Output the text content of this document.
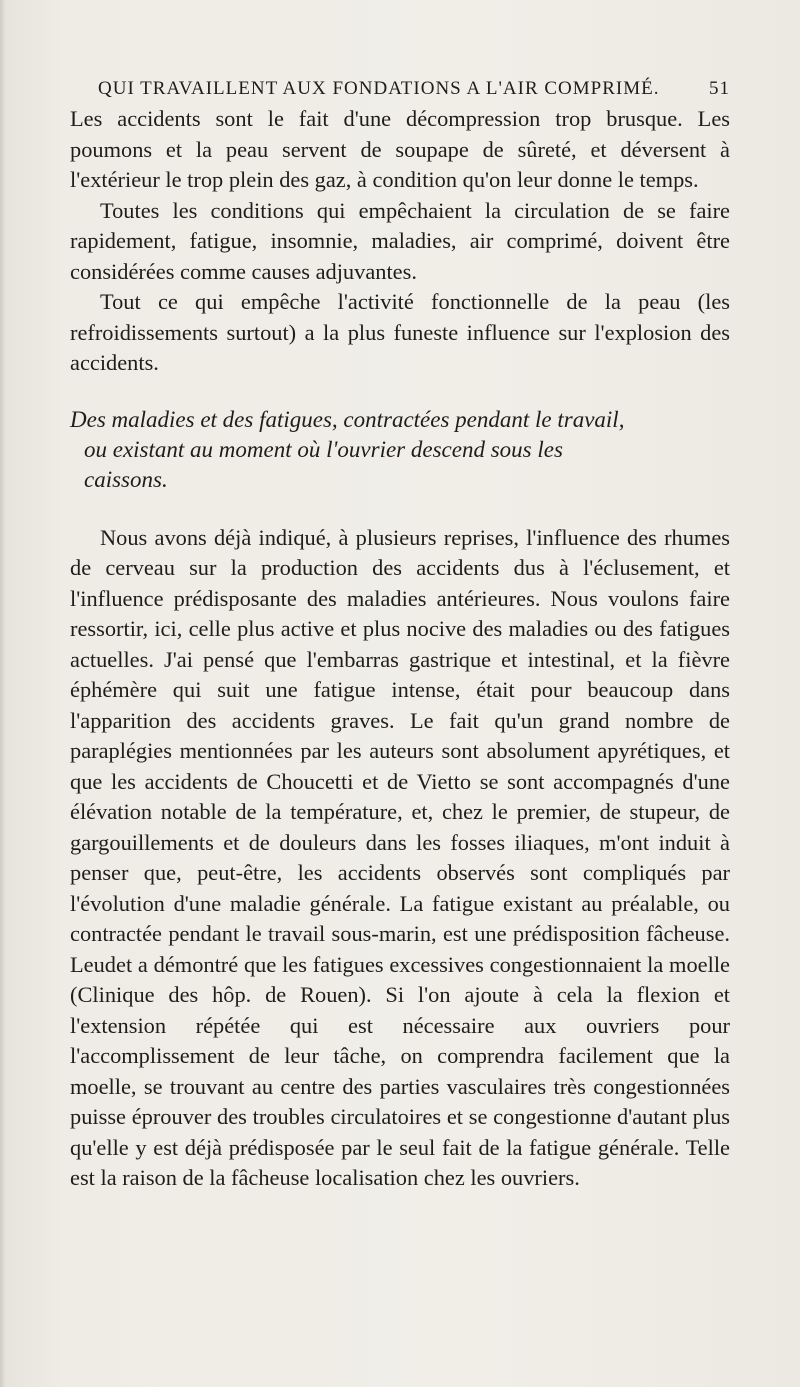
QUI TRAVAILLENT AUX FONDATIONS A L'AIR COMPRIMÉ.	51

Les accidents sont le fait d'une décompression trop brusque. Les poumons et la peau servent de soupape de sûreté, et déversent à l'extérieur le trop plein des gaz, à condition qu'on leur donne le temps.

Toutes les conditions qui empêchaient la circulation de se faire rapidement, fatigue, insomnie, maladies, air comprimé, doivent être considérées comme causes adjuvantes.

Tout ce qui empêche l'activité fonctionnelle de la peau (les refroidissements surtout) a la plus funeste influence sur l'explosion des accidents.

Des maladies et des fatigues, contractées pendant le travail,
ou existant au moment où l'ouvrier descend sous les
caissons.

Nous avons déjà indiqué, à plusieurs reprises, l'influence des rhumes de cerveau sur la production des accidents dus à l'éclusement, et l'influence prédisposante des maladies antérieures. Nous voulons faire ressortir, ici, celle plus active et plus nocive des maladies ou des fatigues actuelles. J'ai pensé que l'embarras gastrique et intestinal, et la fièvre éphémère qui suit une fatigue intense, était pour beaucoup dans l'apparition des accidents graves. Le fait qu'un grand nombre de paraplégies mentionnées par les auteurs sont absolument apyrétiques, et que les accidents de Choucetti et de Vietto se sont accompagnés d'une élévation notable de la température, et, chez le premier, de stupeur, de gargouillements et de douleurs dans les fosses iliaques, m'ont induit à penser que, peut-être, les accidents observés sont compliqués par l'évolution d'une maladie générale. La fatigue existant au préalable, ou contractée pendant le travail sous-marin, est une prédisposition fâcheuse. Leudet a démontré que les fatigues excessives congestionnaient la moelle (Clinique des hôp. de Rouen). Si l'on ajoute à cela la flexion et l'extension répétée qui est nécessaire aux ouvriers pour l'accomplissement de leur tâche, on comprendra facilement que la moelle, se trouvant au centre des parties vasculaires très congestionnées puisse éprouver des troubles circulatoires et se congestionne d'autant plus qu'elle y est déjà prédisposée par le seul fait de la fatigue générale. Telle est la raison de la fâcheuse localisation chez les ouvriers.
